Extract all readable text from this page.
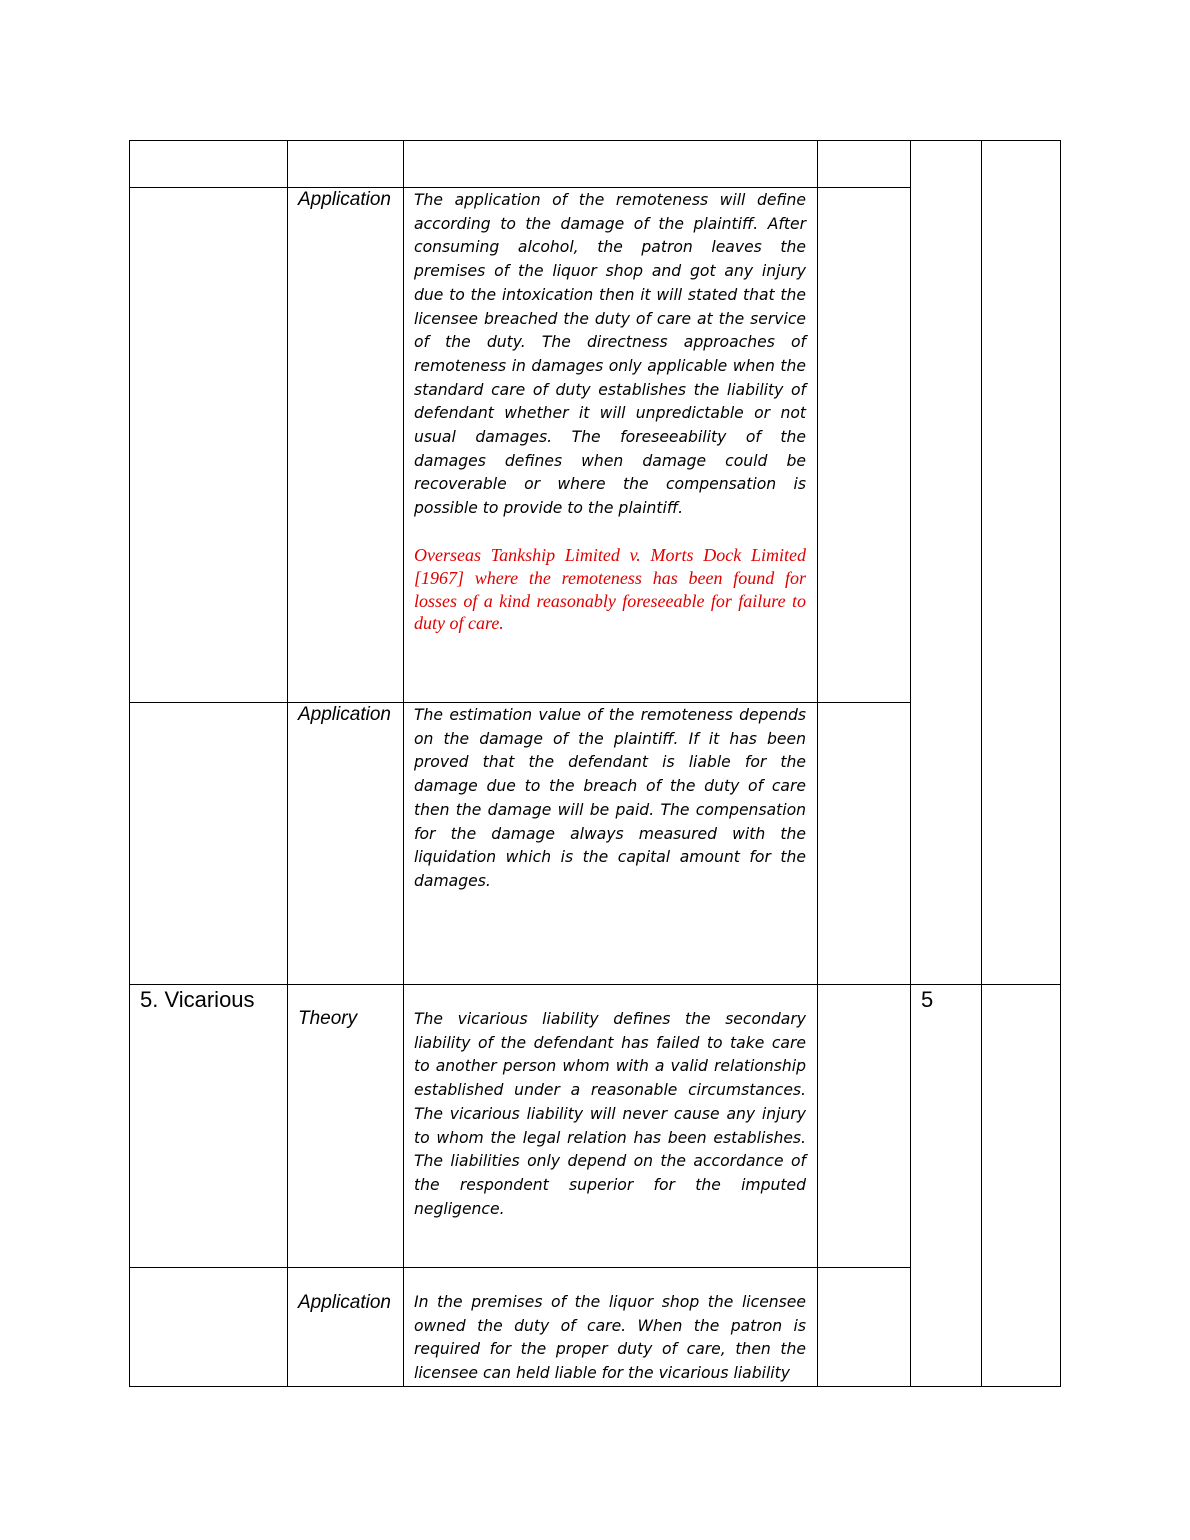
Application The application of the remoteness will define according to the damage of the plaintiff. After consuming alcohol, the patron leaves the premises of the liquor shop and got any injury due to the intoxication then it will stated that the licensee breached the duty of care at the service of the duty. The directness approaches of remoteness in damages only applicable when the standard care of duty establishes the liability of defendant whether it will unpredictable or not usual damages. The foreseeability of the damages defines when damage could be recoverable or where the compensation is possible to provide to the plaintiff.

Overseas Tankship Limited v. Morts Dock Limited [1967] where the remoteness has been found for losses of a kind reasonably foreseeable for failure to duty of care.

Application The estimation value of the remoteness depends on the damage of the plaintiff. If it has been proved that the defendant is liable for the damage due to the breach of the duty of care then the damage will be paid. The compensation for the damage always measured with the liquidation which is the capital amount for the damages.

5. Vicarious
Theory	The vicarious liability defines the secondary liability of the defendant has failed to take care to another person whom with a valid relationship established under a reasonable circumstances. The vicarious liability will never cause any injury to whom the legal relation has been establishes. The liabilities only depend on the accordance of the respondent superior for the imputed negligence.

5
Application In the premises of the liquor shop the licensee owned the duty of care. When the patron is required for the proper duty of care, then the licensee can held liable for the vicarious liability
